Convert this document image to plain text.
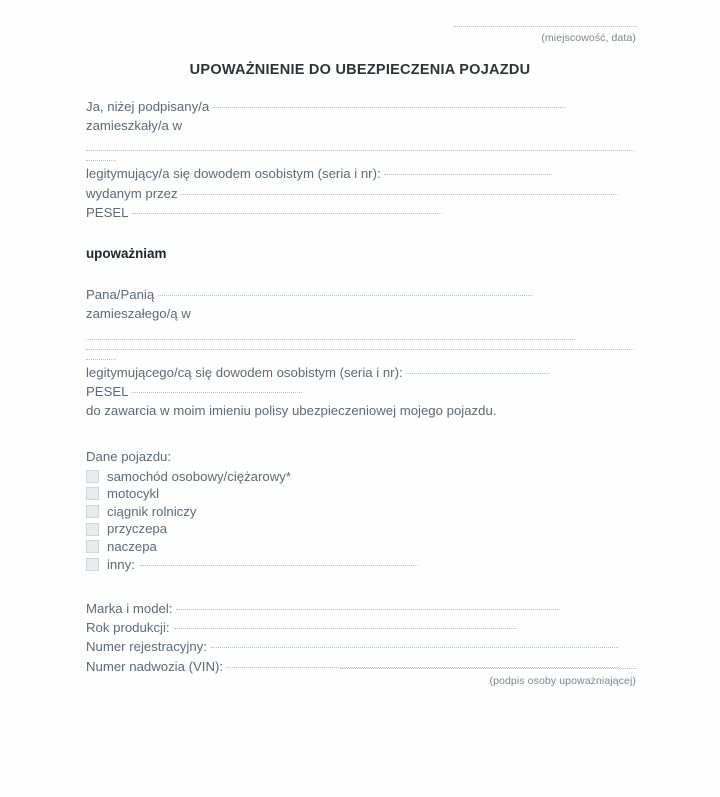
(miejscowość, data)
UPOWAŻNIENIE DO UBEZPIECZENIA POJAZDU
Ja, niżej podpisany/a
zamieszkały/a w
legitymujący/a się dowodem osobistym (seria i nr):
wydanym przez
PESEL
upoważniam
Pana/Panią
zamieszałego/ą w
legitymującego/cą się dowodem osobistym (seria i nr):
PESEL
do zawarcia w moim imieniu polisy ubezpieczeniowej mojego pojazdu.
Dane pojazdu:
samochód osobowy/ciężarowy*
motocykl
ciągnik rolniczy
przyczepa
naczepa
inny:
Marka i model:
Rok produkcji:
Numer rejestracyjny:
Numer nadwozia (VIN):
(podpis osoby upoważniającej)
